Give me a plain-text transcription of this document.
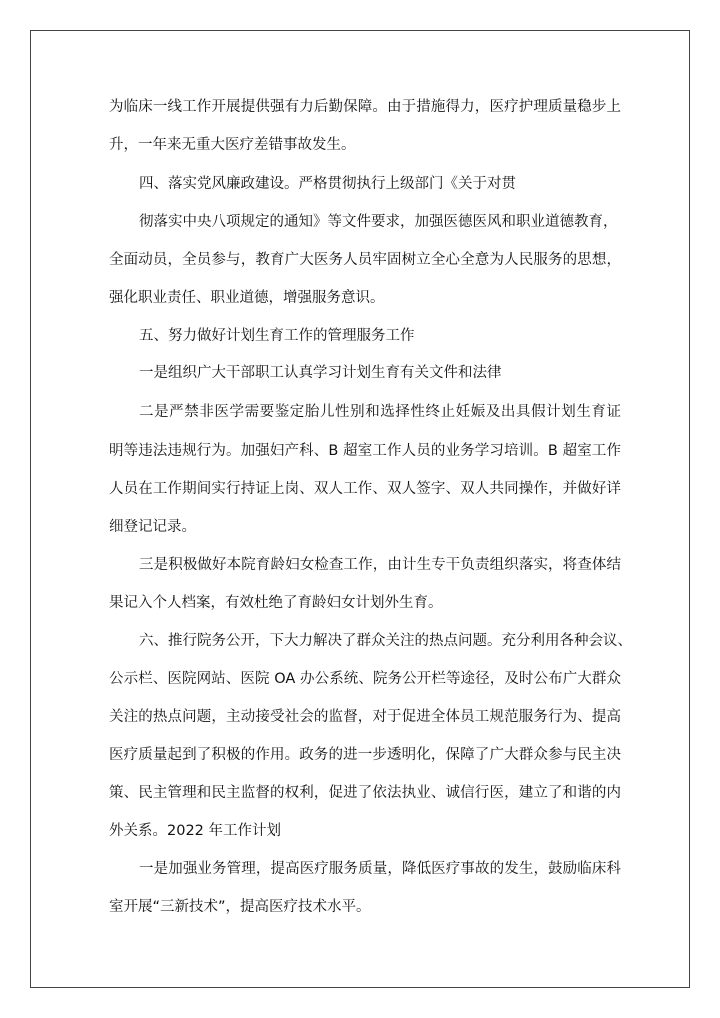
为临床一线工作开展提供强有力后勤保障。由于措施得力，医疗护理质量稳步上
升，一年来无重大医疗差错事故发生。
四、落实党风廉政建设。严格贯彻执行上级部门《关于对贯
彻落实中央八项规定的通知》等文件要求，加强医德医风和职业道德教育，
全面动员，全员参与，教育广大医务人员牢固树立全心全意为人民服务的思想，
强化职业责任、职业道德，增强服务意识。
五、努力做好计划生育工作的管理服务工作
一是组织广大干部职工认真学习计划生育有关文件和法律
二是严禁非医学需要鉴定胎儿性别和选择性终止妊娠及出具假计划生育证
明等违法违规行为。加强妇产科、B 超室工作人员的业务学习培训。B 超室工作
人员在工作期间实行持证上岗、双人工作、双人签字、双人共同操作，并做好详
细登记记录。
三是积极做好本院育龄妇女检查工作，由计生专干负责组织落实，将查体结
果记入个人档案，有效杜绝了育龄妇女计划外生育。
六、推行院务公开，下大力解决了群众关注的热点问题。充分利用各种会议、
公示栏、医院网站、医院 OA 办公系统、院务公开栏等途径，及时公布广大群众
关注的热点问题，主动接受社会的监督，对于促进全体员工规范服务行为、提高
医疗质量起到了积极的作用。政务的进一步透明化，保障了广大群众参与民主决
策、民主管理和民主监督的权利，促进了依法执业、诚信行医，建立了和谐的内
外关系。2022 年工作计划
一是加强业务管理，提高医疗服务质量，降低医疗事故的发生，鼓励临床科
室开展“三新技术”，提高医疗技术水平。
